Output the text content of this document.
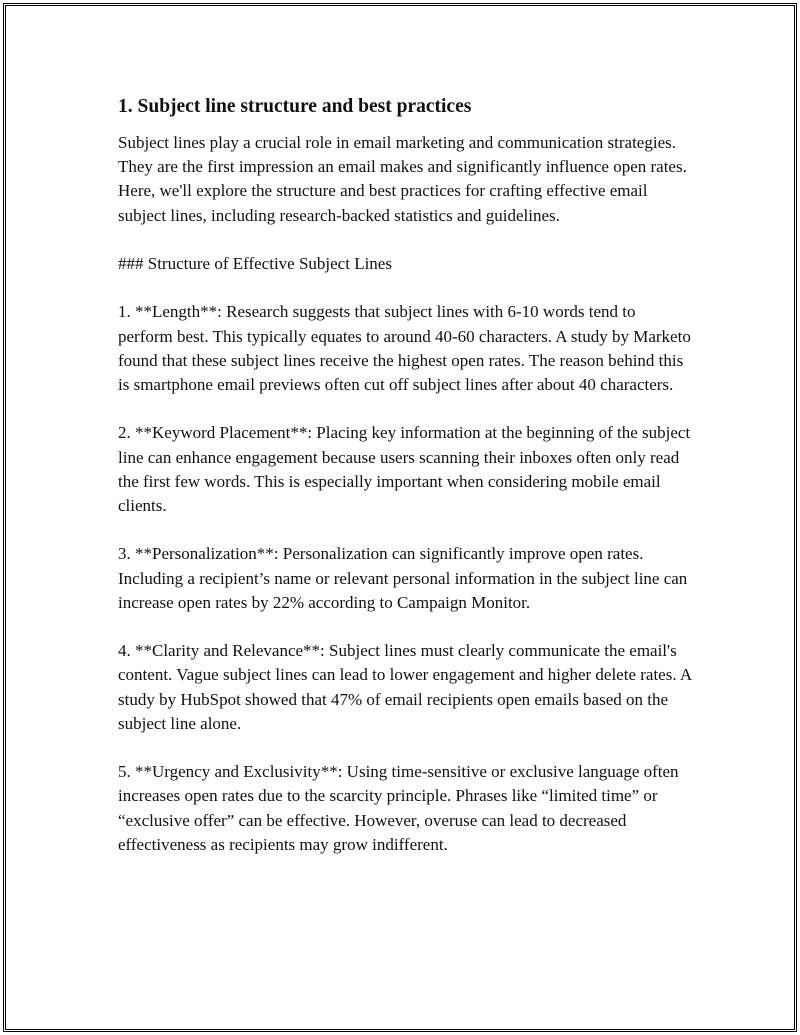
1. Subject line structure and best practices

Subject lines play a crucial role in email marketing and communication strategies. They are the first impression an email makes and significantly influence open rates. Here, we'll explore the structure and best practices for crafting effective email subject lines, including research-backed statistics and guidelines.

### Structure of Effective Subject Lines

1. **Length**: Research suggests that subject lines with 6-10 words tend to perform best. This typically equates to around 40-60 characters. A study by Marketo found that these subject lines receive the highest open rates. The reason behind this is smartphone email previews often cut off subject lines after about 40 characters.

2. **Keyword Placement**: Placing key information at the beginning of the subject line can enhance engagement because users scanning their inboxes often only read the first few words. This is especially important when considering mobile email clients.

3. **Personalization**: Personalization can significantly improve open rates. Including a recipient’s name or relevant personal information in the subject line can increase open rates by 22% according to Campaign Monitor.

4. **Clarity and Relevance**: Subject lines must clearly communicate the email's content. Vague subject lines can lead to lower engagement and higher delete rates. A study by HubSpot showed that 47% of email recipients open emails based on the subject line alone.

5. **Urgency and Exclusivity**: Using time-sensitive or exclusive language often increases open rates due to the scarcity principle. Phrases like “limited time” or “exclusive offer” can be effective. However, overuse can lead to decreased effectiveness as recipients may grow indifferent.
